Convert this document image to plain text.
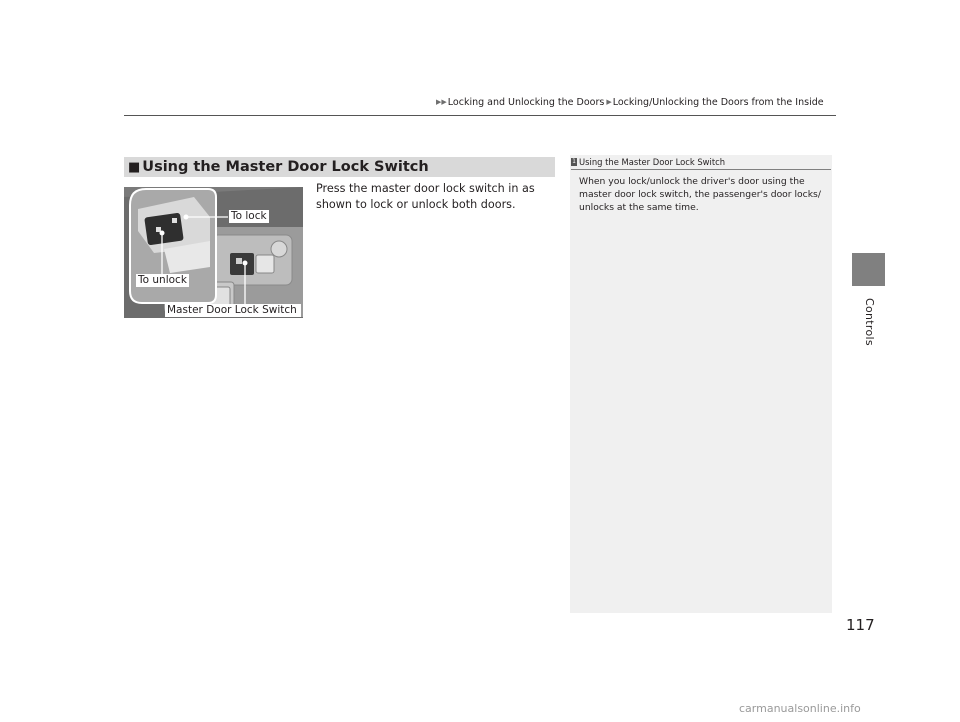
▶▶ Locking and Unlocking the Doors ▶ Locking/Unlocking the Doors from the Inside
Controls
■ Using the Master Door Lock Switch
To lock
To unlock
Master Door Lock Switch
Press the master door lock switch in as shown to lock or unlock both doors.
1 Using the Master Door Lock Switch
When you lock/unlock the driver's door using the master door lock switch, the passenger's door locks/ unlocks at the same time.
117
carmanualsonline.info
